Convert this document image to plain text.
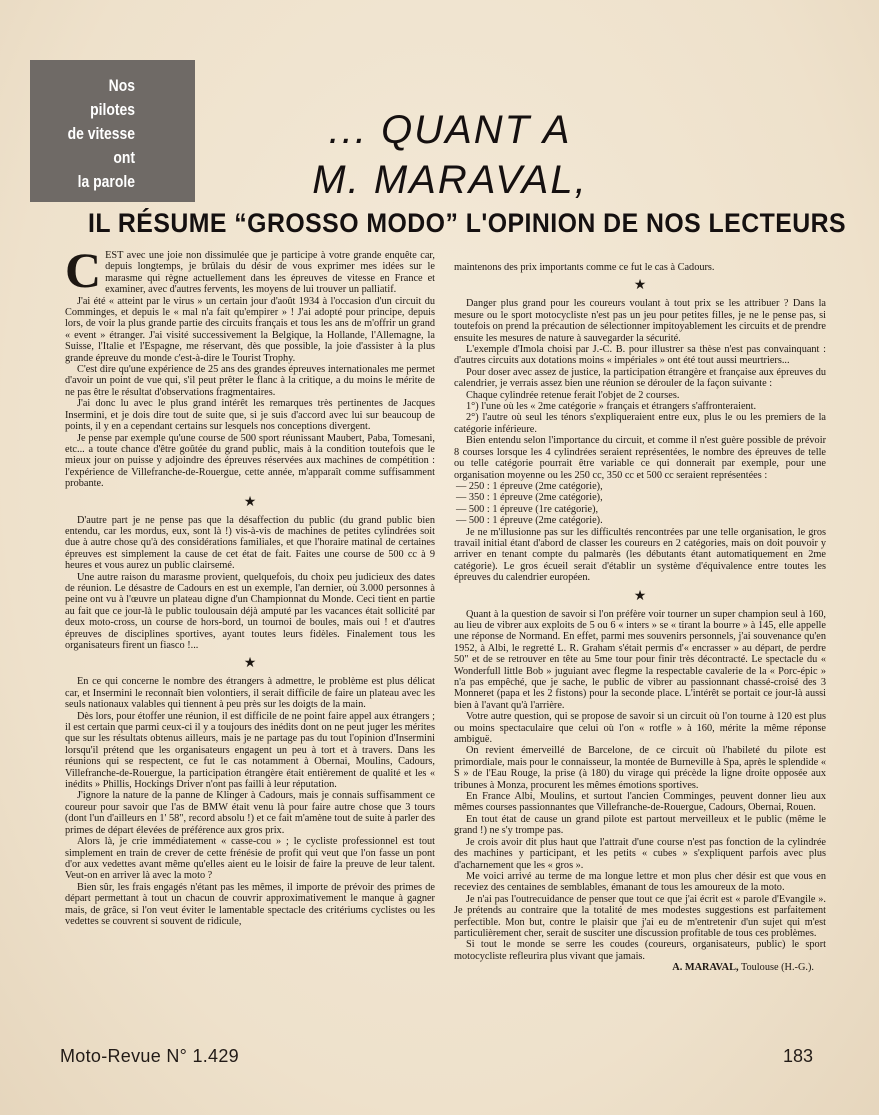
Nos
pilotes
de vitesse
ont
la parole
... QUANT A
M. MARAVAL,
IL RÉSUME “GROSSO MODO” L'OPINION DE NOS LECTEURS

CEST avec une joie non dissimulée que je participe à votre grande enquête car, depuis longtemps, je brûlais du désir de vous exprimer mes idées sur le marasme qui règne actuellement dans les épreuves de vitesse en France et examiner, avec d'autres fervents, les moyens de lui trouver un palliatif.

J'ai été « atteint par le virus » un certain jour d'août 1934 à l'occasion d'un circuit du Comminges, et depuis le « mal n'a fait qu'empirer » ! J'ai adopté pour principe, depuis lors, de voir la plus grande partie des circuits français et tous les ans de m'offrir un grand « event » étranger. J'ai visité successivement la Belgique, la Hollande, l'Allemagne, la Suisse, l'Italie et l'Espagne, me réservant, dès que possible, la joie d'assister à la plus grande épreuve du monde c'est-à-dire le Tourist Trophy.

C'est dire qu'une expérience de 25 ans des grandes épreuves internationales me permet d'avoir un point de vue qui, s'il peut prêter le flanc à la critique, a du moins le mérite de ne pas être le résultat d'observations fragmentaires.

J'ai donc lu avec le plus grand intérêt les remarques très pertinentes de Jacques Insermini, et je dois dire tout de suite que, si je suis d'accord avec lui sur beaucoup de points, il y en a cependant certains sur lesquels nos conceptions divergent.

Je pense par exemple qu'une course de 500 sport réunissant Maubert, Paba, Tomesani, etc... a toute chance d'être goûtée du grand public, mais à la condition toutefois que le mieux jour on puisse y adjoindre des épreuves réservées aux machines de compétition : l'expérience de Villefranche-de-Rouergue, cette année, m'apparaît comme suffisamment probante.

★

D'autre part je ne pense pas que la désaffection du public (du grand public bien entendu, car les mordus, eux, sont là !) vis-à-vis de machines de petites cylindrées soit due à autre chose qu'à des considérations familiales, et que l'horaire matinal de certaines épreuves est simplement la cause de cet état de fait. Faites une course de 500 cc à 9 heures et vous aurez un public clairsemé.

Une autre raison du marasme provient, quelquefois, du choix peu judicieux des dates de réunion. Le désastre de Cadours en est un exemple, l'an dernier, où 3.000 personnes à peine ont vu à l'œuvre un plateau digne d'un Championnat du Monde. Ceci tient en partie au fait que ce jour-là le public toulousain déjà amputé par les vacances était sollicité par deux moto-cross, un course de hors-bord, un tournoi de boules, mais oui ! et d'autres épreuves de disciplines sportives, ayant toutes leurs fidèles. Finalement tous les organisateurs firent un fiasco !...

★

En ce qui concerne le nombre des étrangers à admettre, le problème est plus délicat car, et Insermini le reconnaît bien volontiers, il serait difficile de faire un plateau avec les seuls nationaux valables qui tiennent à peu près sur les doigts de la main.

Dès lors, pour étoffer une réunion, il est difficile de ne point faire appel aux étrangers ; il est certain que parmi ceux-ci il y a toujours des inédits dont on ne peut juger les mérites que sur les résultats obtenus ailleurs, mais je ne partage pas du tout l'opinion d'Insermini lorsqu'il prétend que les organisateurs engagent un peu à tort et à travers. Dans les réunions qui se respectent, ce fut le cas notamment à Obernai, Moulins, Cadours, Villefranche-de-Rouergue, la participation étrangère était entièrement de qualité et les « inédits » Phillis, Hockings Driver n'ont pas failli à leur réputation.

J'ignore la nature de la panne de Klinger à Cadours, mais je connais suffisamment ce coureur pour savoir que l'as de BMW était venu là pour faire autre chose que 3 tours (dont l'un d'ailleurs en 1' 58", record absolu !) et ce fait m'amène tout de suite à parler des primes de départ élevées de préférence aux gros prix.

Alors là, je crie immédiatement « casse-cou » ; le cycliste professionnel est tout simplement en train de crever de cette frénésie de profit qui veut que l'on fasse un pont d'or aux vedettes avant même qu'elles aient eu le loisir de faire la preuve de leur talent. Veut-on en arriver là avec la moto ?

Bien sûr, les frais engagés n'étant pas les mêmes, il importe de prévoir des primes de départ permettant à tout un chacun de couvrir approximativement le manque à gagner mais, de grâce, si l'on veut éviter le lamentable spectacle des critériums cyclistes ou les vedettes se couvrent si souvent de ridicule,

maintenons des prix importants comme ce fut le cas à Cadours.

★

Danger plus grand pour les coureurs voulant à tout prix se les attribuer ? Dans la mesure ou le sport motocycliste n'est pas un jeu pour petites filles, je ne le pense pas, si toutefois on prend la précaution de sélectionner impitoyablement les circuits et de prendre ensuite les mesures de nature à sauvegarder la sécurité.

L'exemple d'Imola choisi par J.-C. B. pour illustrer sa thèse n'est pas convainquant : d'autres circuits aux dotations moins « impériales » ont été tout aussi meurtriers...

Pour doser avec assez de justice, la participation étrangère et française aux épreuves du calendrier, je verrais assez bien une réunion se dérouler de la façon suivante :

Chaque cylindrée retenue ferait l'objet de 2 courses.

1°) l'une où les « 2me catégorie » français et étrangers s'affronteraient.

2°) l'autre où seul les ténors s'expliqueraient entre eux, plus le ou les premiers de la catégorie inférieure.

Bien entendu selon l'importance du circuit, et comme il n'est guère possible de prévoir 8 courses lorsque les 4 cylindrées seraient représentées, le nombre des épreuves de telle ou telle catégorie pourrait être variable ce qui donnerait par exemple, pour une organisation moyenne ou les 250 cc, 350 cc et 500 cc seraient représentées :

— 250 : 1 épreuve (2me catégorie),

— 350 : 1 épreuve (2me catégorie),

— 500 : 1 épreuve (1re catégorie),

— 500 : 1 épreuve (2me catégorie).

Je ne m'illusionne pas sur les difficultés rencontrées par une telle organisation, le gros travail initial étant d'abord de classer les coureurs en 2 catégories, mais on doit pouvoir y arriver en tenant compte du palmarès (les débutants étant automatiquement en 2me catégorie). Le gros écueil serait d'établir un système d'équivalence entre toutes les épreuves du calendrier européen.

★

Quant à la question de savoir si l'on préfère voir tourner un super champion seul à 160, au lieu de vibrer aux exploits de 5 ou 6 « inters » se « tirant la bourre » à 145, elle appelle une réponse de Normand. En effet, parmi mes souvenirs personnels, j'ai souvenance qu'en 1952, à Albi, le regretté L. R. Graham s'était permis d'« encrasser » au départ, de perdre 50" et de se retrouver en tête au 5me tour pour finir très décontracté. Le spectacle du « Wonderfull little Bob » juguiant avec flegme la respectable cavalerie de la « Porc-épic » n'a pas empêché, que je sache, le public de vibrer au passionnant chassé-croisé des 3 Monneret (papa et les 2 fistons) pour la seconde place. L'intérêt se portait ce jour-là aussi bien à l'avant qu'à l'arrière.

Votre autre question, qui se propose de savoir si un circuit où l'on tourne à 120 est plus ou moins spectaculaire que celui où l'on « rotfle » à 160, mérite la même réponse ambiguë.

On revient émerveillé de Barcelone, de ce circuit où l'habileté du pilote est primordiale, mais pour le connaisseur, la montée de Burneville à Spa, après le splendide « S » de l'Eau Rouge, la prise (à 180) du virage qui précède la ligne droite opposée aux tribunes à Monza, procurent les mêmes émotions sportives.

En France Albi, Moulins, et surtout l'ancien Comminges, peuvent donner lieu aux mêmes courses passionnantes que Villefranche-de-Rouergue, Cadours, Obernai, Rouen.

En tout état de cause un grand pilote est partout merveilleux et le public (même le grand !) ne s'y trompe pas.

Je crois avoir dit plus haut que l'attrait d'une course n'est pas fonction de la cylindrée des machines y participant, et les petits « cubes » s'expliquent parfois avec plus d'acharnement que les « gros ».

Me voici arrivé au terme de ma longue lettre et mon plus cher désir est que vous en receviez des centaines de semblables, émanant de tous les amoureux de la moto.

Je n'ai pas l'outrecuidance de penser que tout ce que j'ai écrit est « parole d'Evangile ». Je prétends au contraire que la totalité de mes modestes suggestions est parfaitement perfectible. Mon but, contre le plaisir que j'ai eu de m'entretenir d'un sujet qui m'est particulièrement cher, serait de susciter une discussion profitable de tous ces problèmes.

Si tout le monde se serre les coudes (coureurs, organisateurs, public) le sport motocycliste refleurira plus vivant que jamais.

A. MARAVAL, Toulouse (H.-G.).

Moto-Revue N° 1.429	183
